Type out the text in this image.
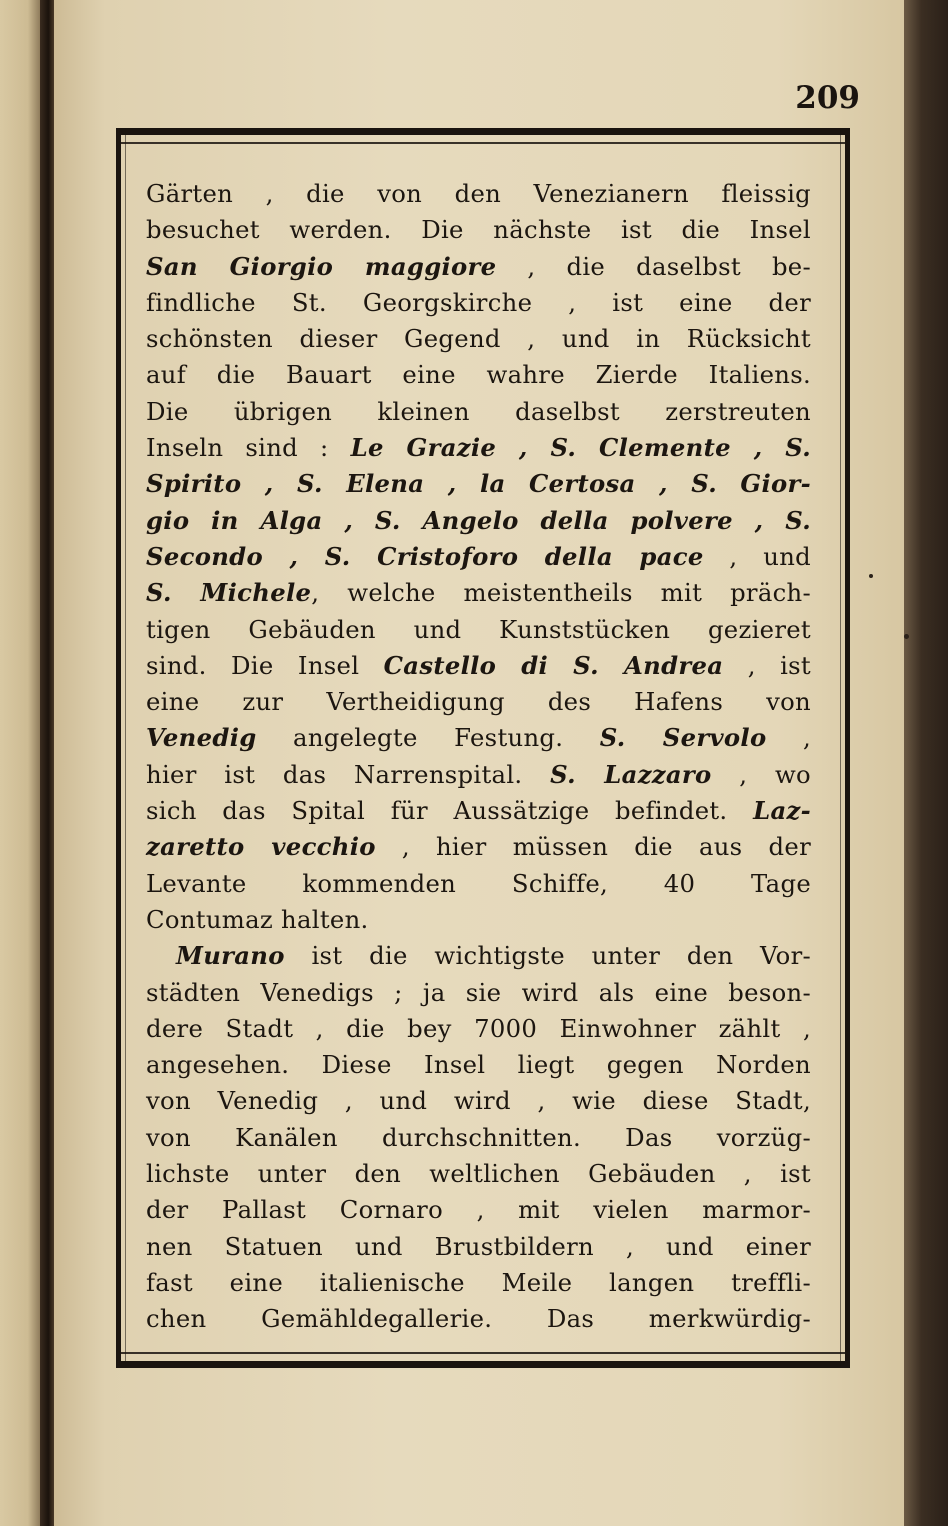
209
Gärten , die von den Venezianern fleissig
besuchet werden. Die nächste ist die Insel
San Giorgio maggiore , die daselbst be-
findliche St. Georgskirche , ist eine der
schönsten dieser Gegend , und in Rücksicht
auf die Bauart eine wahre Zierde Italiens.
Die übrigen kleinen daselbst zerstreuten
Inseln sind : Le Grazie , S. Clemente , S.
Spirito , S. Elena , la Certosa , S. Gior-
gio in Alga , S. Angelo della polvere , S.
Secondo , S. Cristoforo della pace , und
S. Michele, welche meistentheils mit präch-
tigen Gebäuden und Kunststücken gezieret
sind. Die Insel Castello di S. Andrea , ist
eine zur Vertheidigung des Hafens von
Venedig angelegte Festung. S. Servolo ,
hier ist das Narrenspital. S. Lazzaro , wo
sich das Spital für Aussätzige befindet. Laz-
zaretto vecchio , hier müssen die aus der
Levante kommenden Schiffe, 40 Tage
Contumaz halten.
Murano ist die wichtigste unter den Vor-
städten Venedigs ; ja sie wird als eine beson-
dere Stadt , die bey 7000 Einwohner zählt ,
angesehen. Diese Insel liegt gegen Norden
von Venedig , und wird , wie diese Stadt,
von Kanälen durchschnitten. Das vorzüg-
lichste unter den weltlichen Gebäuden , ist
der Pallast Cornaro , mit vielen marmor-
nen Statuen und Brustbildern , und einer
fast eine italienische Meile langen treffli-
chen Gemähldegallerie. Das merkwürdig-
